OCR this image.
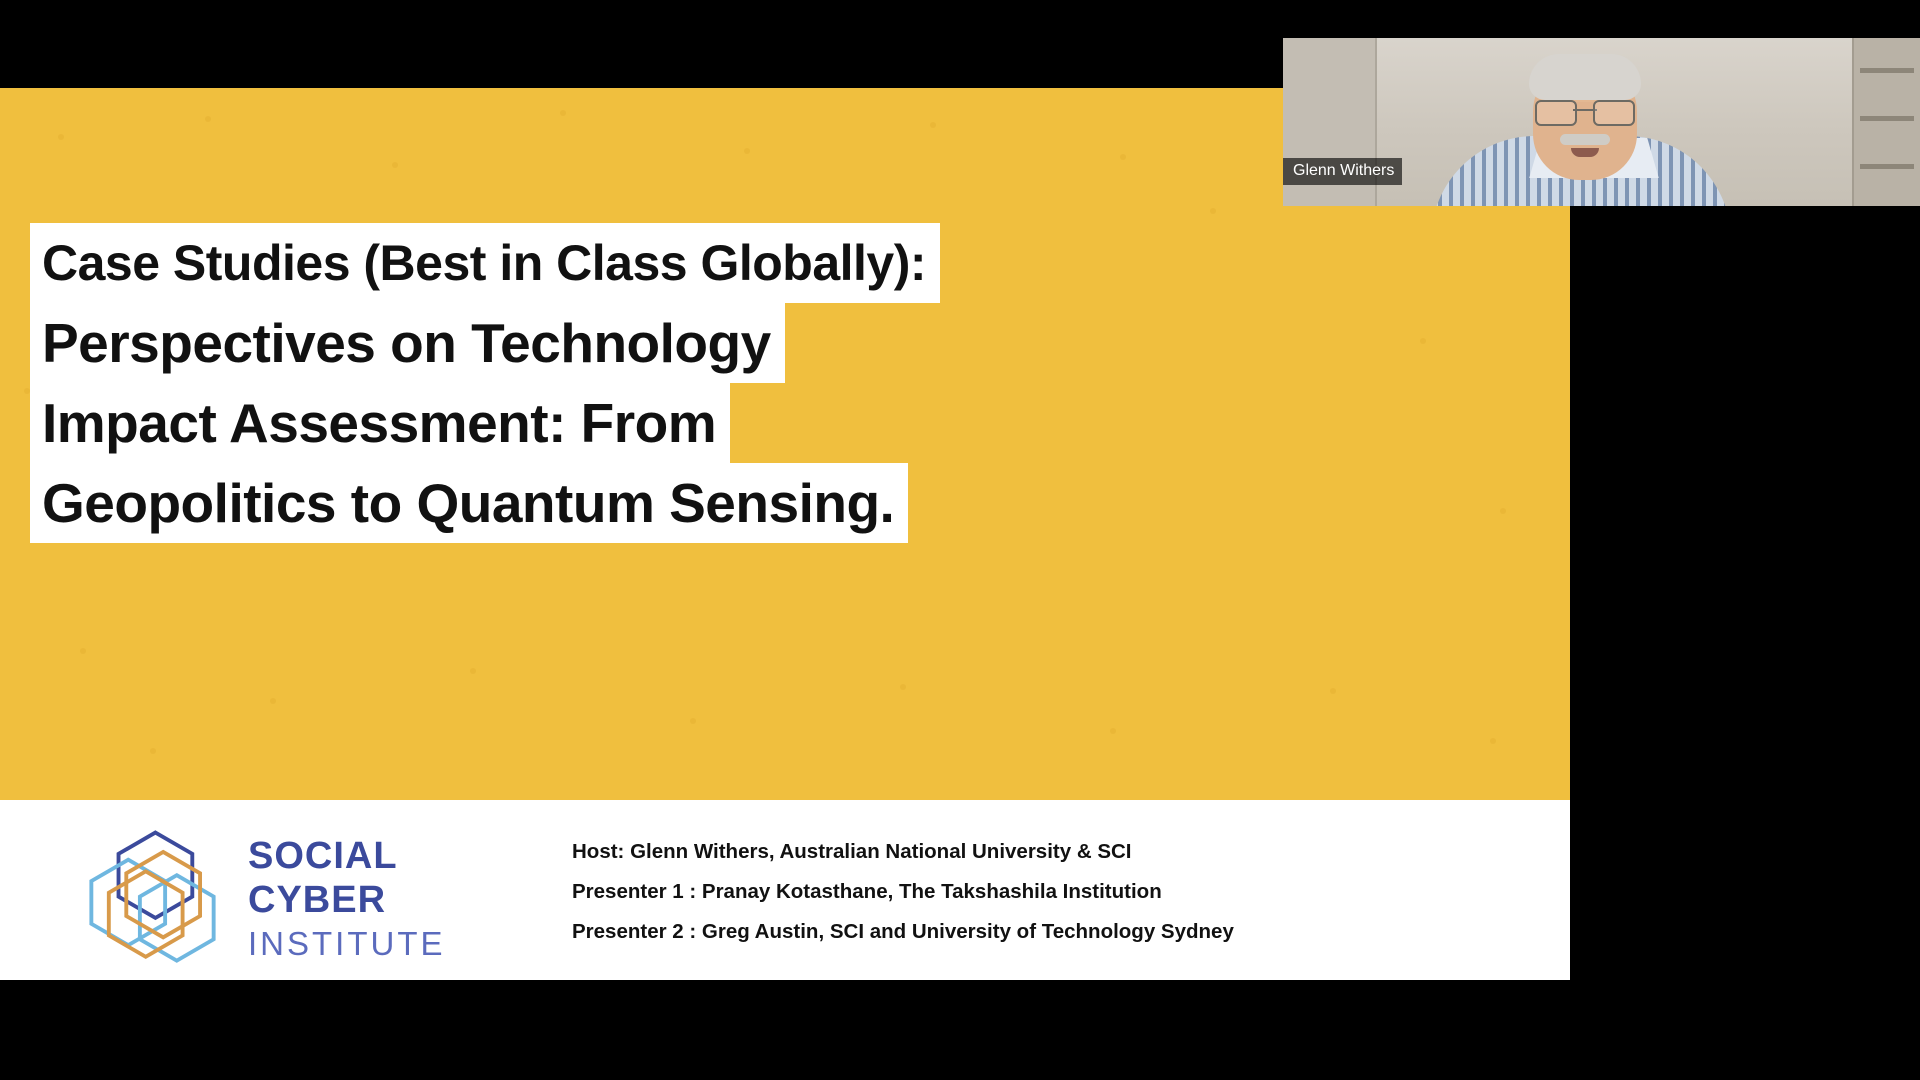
Case Studies (Best in Class Globally):
Perspectives on Technology
Impact Assessment: From
Geopolitics to Quantum Sensing.
SOCIAL
CYBER
INSTITUTE
Host: Glenn Withers, Australian National University & SCI
Presenter 1 : Pranay Kotasthane, The Takshashila Institution
Presenter 2 : Greg Austin, SCI and University of Technology Sydney
Glenn Withers
